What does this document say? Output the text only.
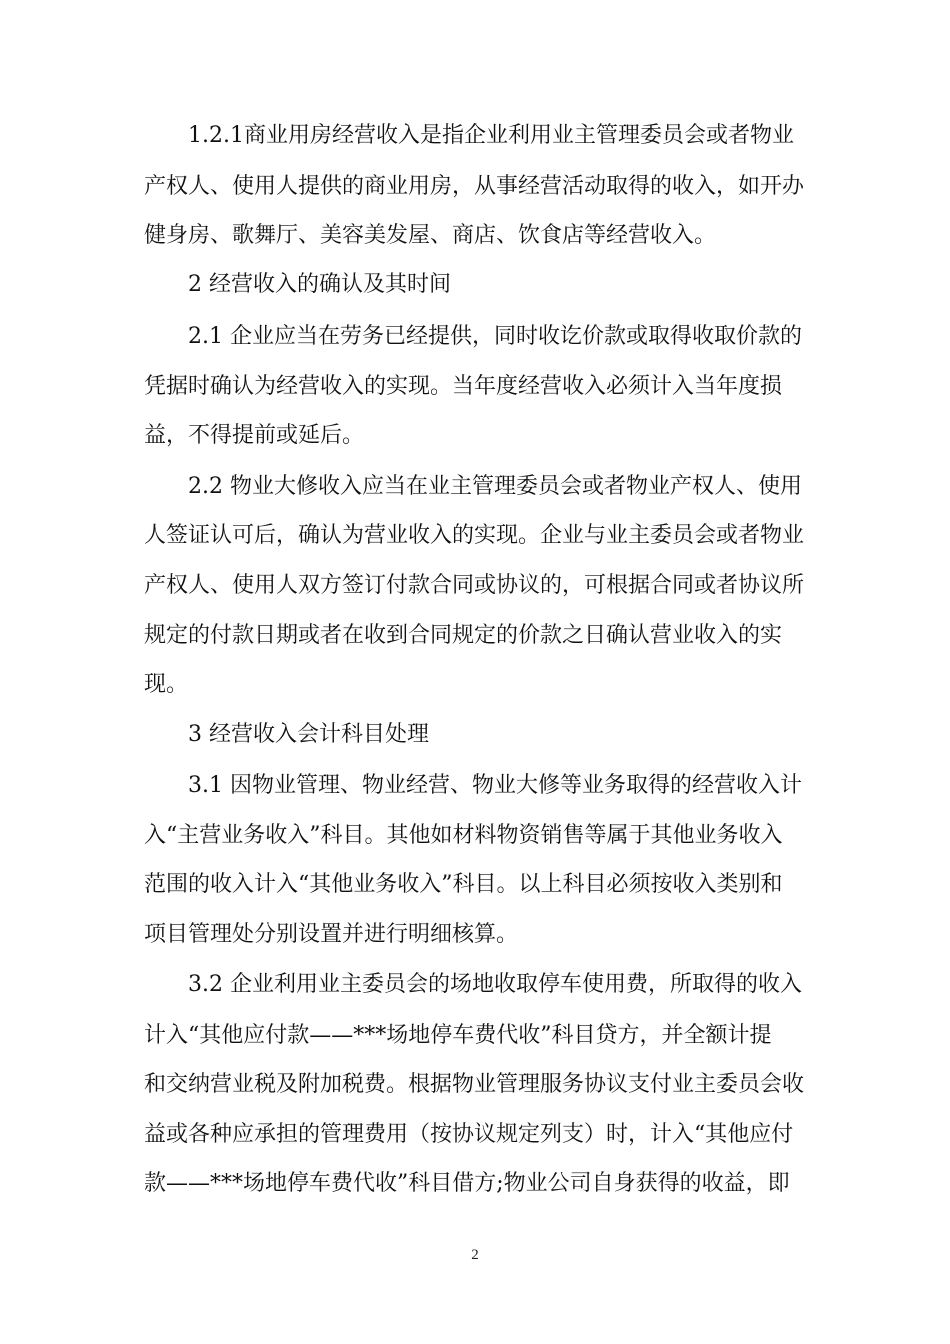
1.2.1商业用房经营收入是指企业利用业主管理委员会或者物业
产权人、使用人提供的商业用房，从事经营活动取得的收入，如开办
健身房、歌舞厅、美容美发屋、商店、饮食店等经营收入。
2 经营收入的确认及其时间
2.1 企业应当在劳务已经提供，同时收讫价款或取得收取价款的
凭据时确认为经营收入的实现。当年度经营收入必须计入当年度损
益，不得提前或延后。
2.2 物业大修收入应当在业主管理委员会或者物业产权人、使用
人签证认可后，确认为营业收入的实现。企业与业主委员会或者物业
产权人、使用人双方签订付款合同或协议的，可根据合同或者协议所
规定的付款日期或者在收到合同规定的价款之日确认营业收入的实
现。
3 经营收入会计科目处理
3.1 因物业管理、物业经营、物业大修等业务取得的经营收入计
入“主营业务收入”科目。其他如材料物资销售等属于其他业务收入
范围的收入计入“其他业务收入”科目。以上科目必须按收入类别和
项目管理处分别设置并进行明细核算。
3.2 企业利用业主委员会的场地收取停车使用费，所取得的收入
计入“其他应付款——***场地停车费代收”科目贷方，并全额计提
和交纳营业税及附加税费。根据物业管理服务协议支付业主委员会收
益或各种应承担的管理费用（按协议规定列支）时，计入“其他应付
款——***场地停车费代收”科目借方;物业公司自身获得的收益，即
2
